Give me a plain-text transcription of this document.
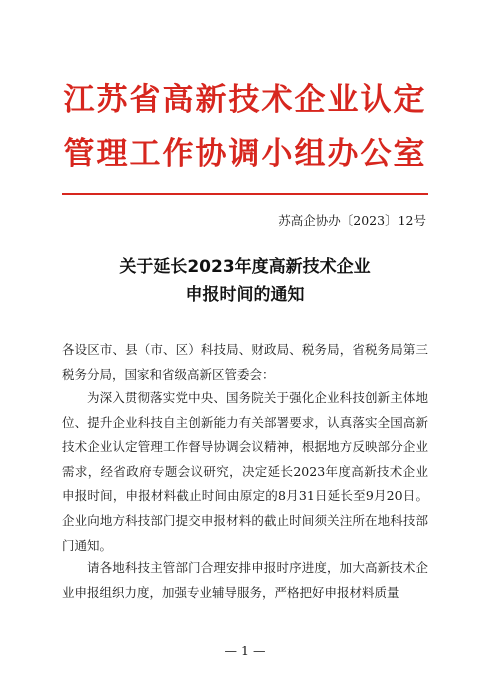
江苏省高新技术企业认定
管理工作协调小组办公室
苏高企协办〔2023〕12号
关于延长2023年度高新技术企业
申报时间的通知

各设区市、县（市、区）科技局、财政局、税务局，省税务局第三税务分局，国家和省级高新区管委会：

为深入贯彻落实党中央、国务院关于强化企业科技创新主体地位、提升企业科技自主创新能力有关部署要求，认真落实全国高新技术企业认定管理工作督导协调会议精神，根据地方反映部分企业需求，经省政府专题会议研究，决定延长2023年度高新技术企业申报时间，申报材料截止时间由原定的8月31日延长至9月20日。企业向地方科技部门提交申报材料的截止时间须关注所在地科技部门通知。

请各地科技主管部门合理安排申报时序进度，加大高新技术企业申报组织力度，加强专业辅导服务，严格把好申报材料质量

— 1 —
